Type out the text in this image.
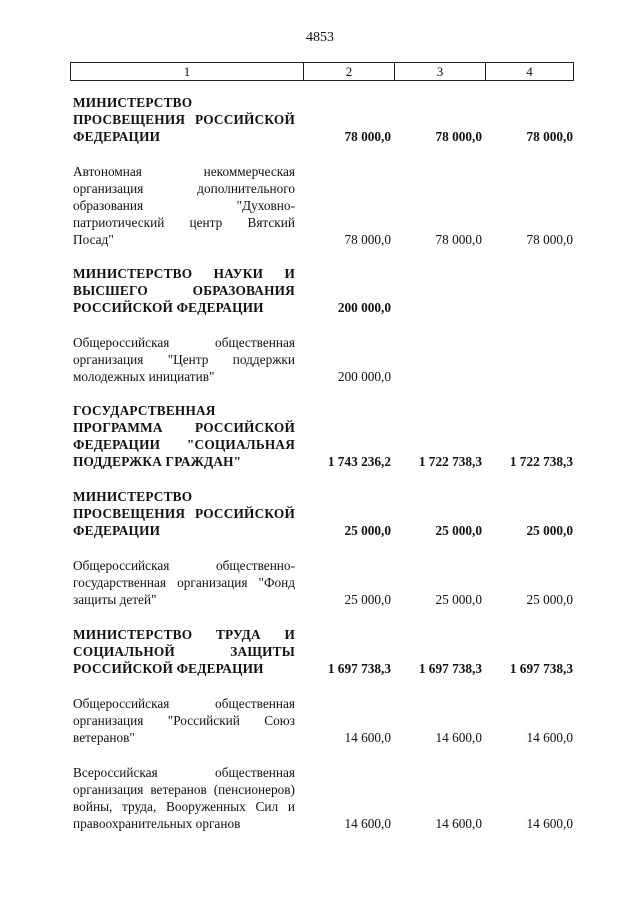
4853
1	2	3	4
МИНИСТЕРСТВО ПРОСВЕЩЕНИЯ РОССИЙСКОЙ ФЕДЕРАЦИИ	78 000,0	78 000,0	78 000,0

Автономная некоммерческая организация дополнительного образования "Духовно-патриотический центр Вятский Посад"	78 000,0	78 000,0	78 000,0

МИНИСТЕРСТВО НАУКИ И ВЫСШЕГО ОБРАЗОВАНИЯ РОССИЙСКОЙ ФЕДЕРАЦИИ	200 000,0		

Общероссийская общественная организация "Центр поддержки молодежных инициатив"	200 000,0		

ГОСУДАРСТВЕННАЯ ПРОГРАММА РОССИЙСКОЙ ФЕДЕРАЦИИ "СОЦИАЛЬНАЯ ПОДДЕРЖКА ГРАЖДАН"	1 743 236,2	1 722 738,3	1 722 738,3

МИНИСТЕРСТВО ПРОСВЕЩЕНИЯ РОССИЙСКОЙ ФЕДЕРАЦИИ	25 000,0	25 000,0	25 000,0

Общероссийская общественно-государственная организация "Фонд защиты детей"	25 000,0	25 000,0	25 000,0

МИНИСТЕРСТВО ТРУДА И СОЦИАЛЬНОЙ ЗАЩИТЫ РОССИЙСКОЙ ФЕДЕРАЦИИ	1 697 738,3	1 697 738,3	1 697 738,3

Общероссийская общественная организация "Российский Союз ветеранов"	14 600,0	14 600,0	14 600,0

Всероссийская общественная организация ветеранов (пенсионеров) войны, труда, Вооруженных Сил и правоохранительных органов	14 600,0	14 600,0	14 600,0
